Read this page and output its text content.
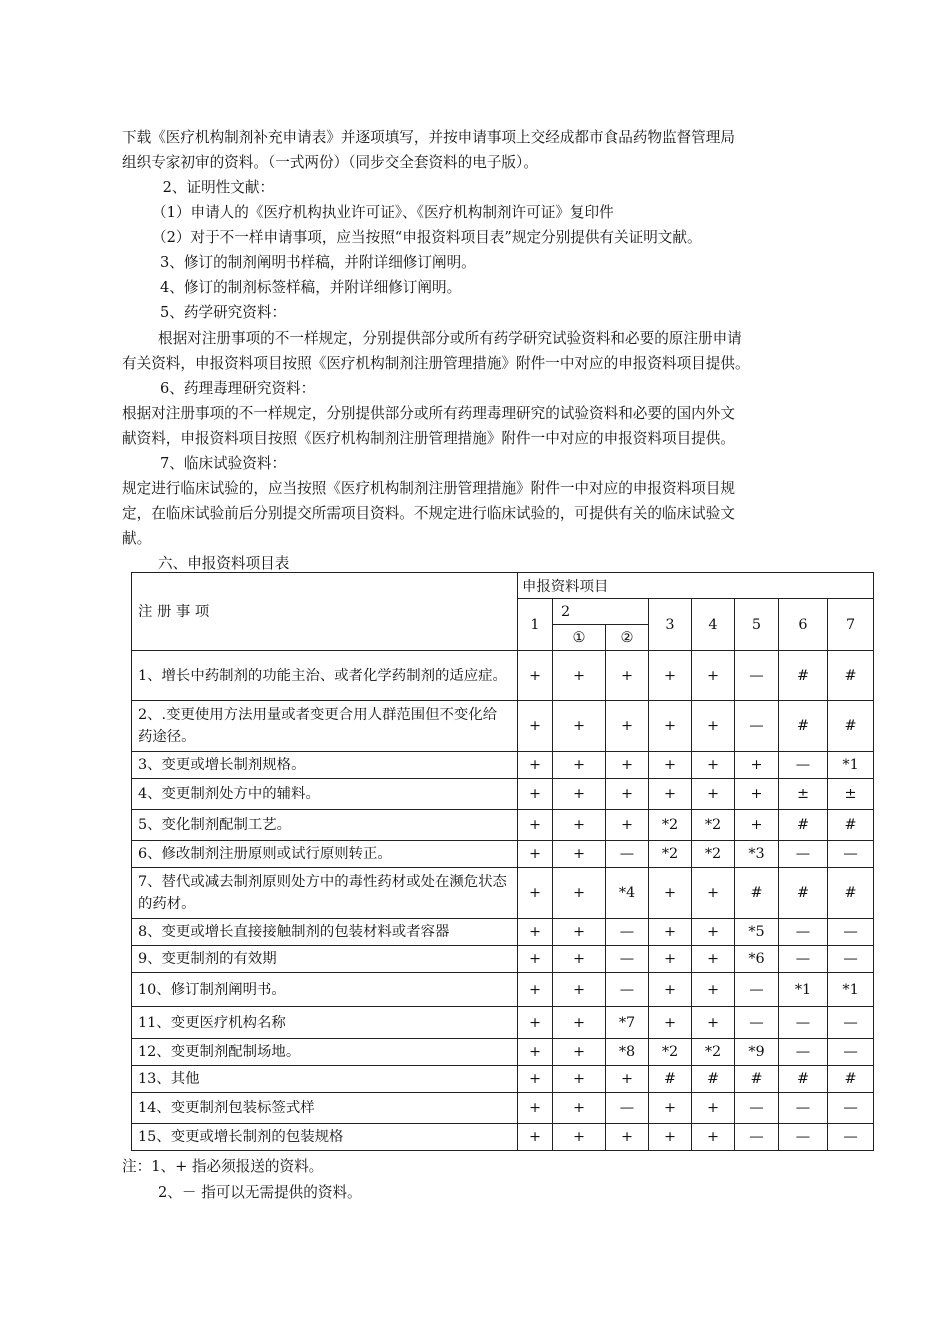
下载《医疗机构制剂补充申请表》并逐项填写，并按申请事项上交经成都市食品药物监督管理局
组织专家初审的资料。（一式两份）（同步交全套资料的电子版）。
　2、证明性文献：
（1）申请人的《医疗机构执业许可证》、《医疗机构制剂许可证》复印件
（2）对于不一样申请事项，应当按照“申报资料项目表”规定分别提供有关证明文献。
3、修订的制剂阐明书样稿，并附详细修订阐明。
4、修订的制剂标签样稿，并附详细修订阐明。
5、药学研究资料：
根据对注册事项的不一样规定，分别提供部分或所有药学研究试验资料和必要的原注册申请
有关资料，申报资料项目按照《医疗机构制剂注册管理措施》附件一中对应的申报资料项目提供。
6、药理毒理研究资料：
根据对注册事项的不一样规定，分别提供部分或所有药理毒理研究的试验资料和必要的国内外文
献资料，申报资料项目按照《医疗机构制剂注册管理措施》附件一中对应的申报资料项目提供。
7、临床试验资料：
规定进行临床试验的，应当按照《医疗机构制剂注册管理措施》附件一中对应的申报资料项目规
定，在临床试验前后分别提交所需项目资料。不规定进行临床试验的，可提供有关的临床试验文
献。
六、申报资料项目表
注 册 事 项	申报资料项目							
	1	2		3	4	5	6	7
		①	②					
1、增长中药制剂的功能主治、或者化学药制剂的适应症。	+	+	+	+	+	—	#	#
2、.变更使用方法用量或者变更合用人群范围但不变化给药途径。	+	+	+	+	+	—	#	#
3、变更或增长制剂规格。	+	+	+	+	+	+	—	*1
4、变更制剂处方中的辅料。	+	+	+	+	+	+	±	±
5、变化制剂配制工艺。	+	+	+	*2	*2	+	#	#
6、修改制剂注册原则或试行原则转正。	+	+	—	*2	*2	*3	—	—
7、替代或减去制剂原则处方中的毒性药材或处在濒危状态的药材。	+	+	*4	+	+	#	#	#
8、变更或增长直接接触制剂的包装材料或者容器	+	+	—	+	+	*5	—	—
9、变更制剂的有效期	+	+	—	+	+	*6	—	—
10、修订制剂阐明书。	+	+	—	+	+	—	*1	*1
11、变更医疗机构名称	+	+	*7	+	+	—	—	—
12、变更制剂配制场地。	+	+	*8	*2	*2	*9	—	—
13、其他	+	+	+	#	#	#	#	#
14、变更制剂包装标签式样	+	+	—	+	+	—	—	—
15、变更或增长制剂的包装规格	+	+	+	+	+	—	—	—
注：1、+ 指必须报送的资料。
2、－ 指可以无需提供的资料。
